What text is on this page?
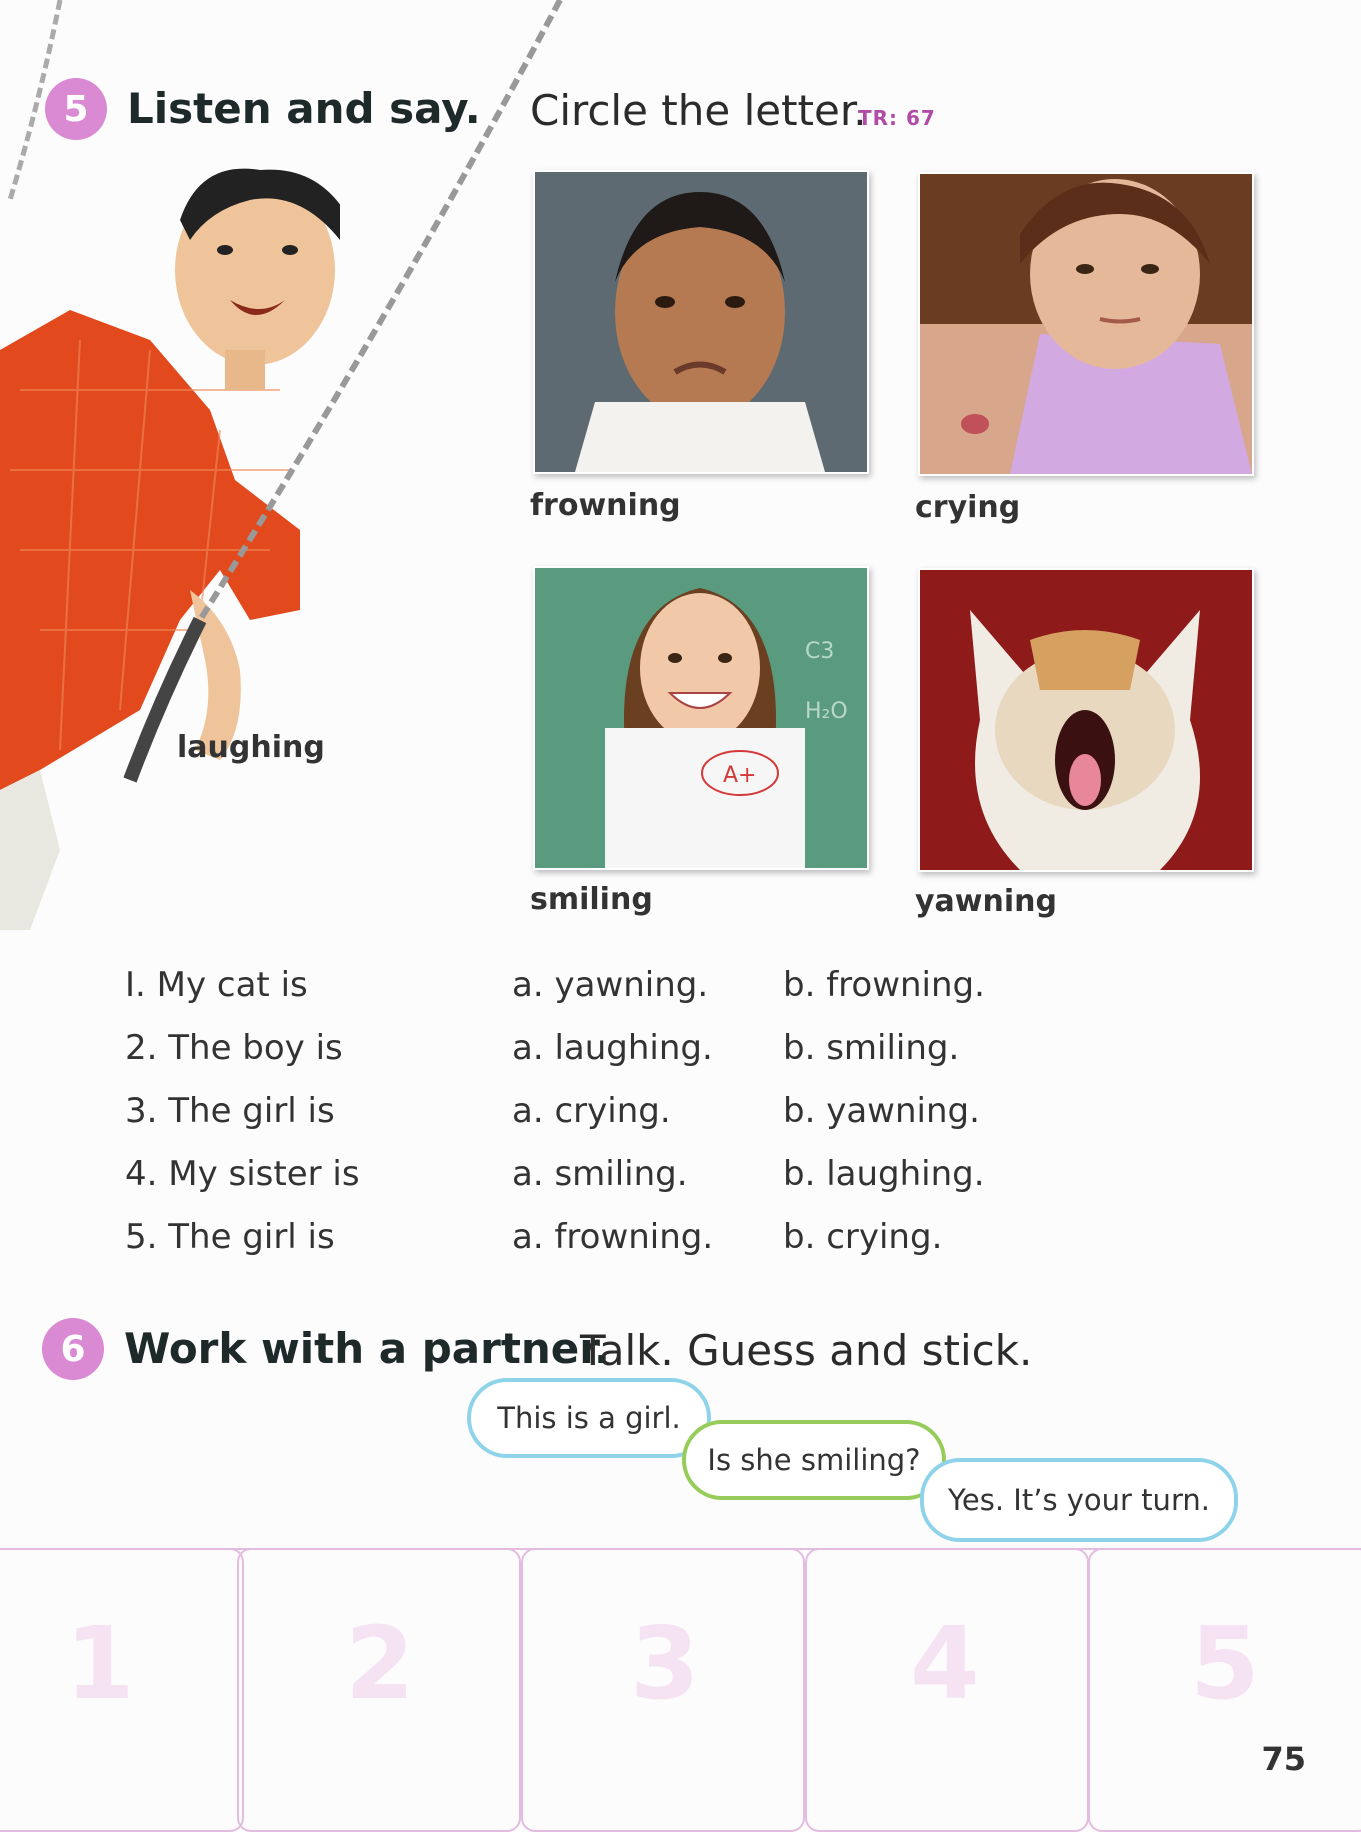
5 Listen and say. Circle the letter.
TR: 67
frowning	crying
C3
H₂O
A+
smiling	yawning
laughing
I. My cat is	a. yawning. b. frowning.
2. The boy is	a. laughing. b. smiling.
3. The girl is	a. crying.	b. yawning.
4. My sister is	a. smiling.	b. laughing.
5. The girl is	a. frowning. b. crying.
6 Work with a partner.
Talk. Guess and stick.
This is a girl.
Is she smiling?
Yes. It’s your turn.
1 2 3 4 5
75
